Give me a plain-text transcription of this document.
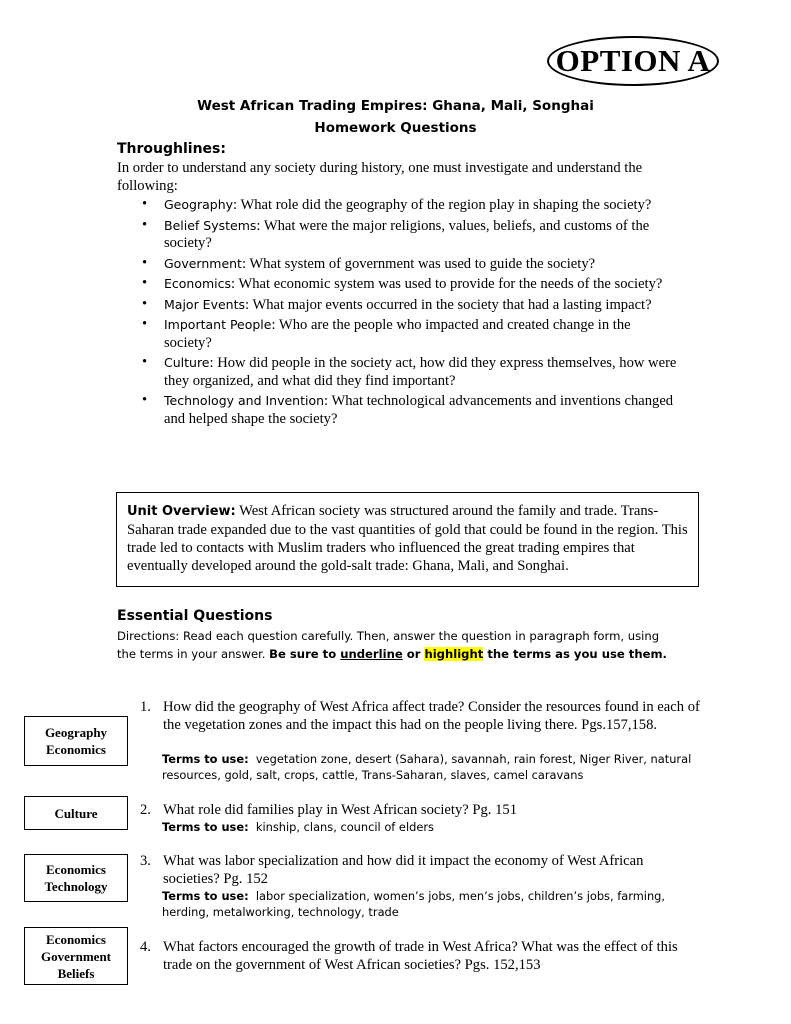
OPTION A
West African Trading Empires: Ghana, Mali, Songhai
Homework Questions
Throughlines:
In order to understand any society during history, one must investigate and understand the following:
• Geography: What role did the geography of the region play in shaping the society?
• Belief Systems: What were the major religions, values, beliefs, and customs of the society?
• Government: What system of government was used to guide the society?
• Economics: What economic system was used to provide for the needs of the society?
• Major Events: What major events occurred in the society that had a lasting impact?
• Important People: Who are the people who impacted and created change in the society?
• Culture: How did people in the society act, how did they express themselves, how were they organized, and what did they find important?
• Technology and Invention: What technological advancements and inventions changed and helped shape the society?
Unit Overview: West African society was structured around the family and trade. Trans-Saharan trade expanded due to the vast quantities of gold that could be found in the region. This trade led to contacts with Muslim traders who influenced the great trading empires that eventually developed around the gold-salt trade: Ghana, Mali, and Songhai.
Essential Questions
Directions: Read each question carefully. Then, answer the question in paragraph form, using the terms in your answer. Be sure to underline or highlight the terms as you use them.
Geography
Economics
1. How did the geography of West Africa affect trade? Consider the resources found in each of the vegetation zones and the impact this had on the people living there. Pgs.157,158.
Terms to use: vegetation zone, desert (Sahara), savannah, rain forest, Niger River, natural resources, gold, salt, crops, cattle, Trans-Saharan, slaves, camel caravans
Culture	2. What role did families play in West African society? Pg. 151
Terms to use: kinship, clans, council of elders
Economics
Technology
3. What was labor specialization and how did it impact the economy of West African societies? Pg. 152
Terms to use: labor specialization, women’s jobs, men’s jobs, children’s jobs, farming, herding, metalworking, technology, trade
Economics
Government
Beliefs
4. What factors encouraged the growth of trade in West Africa? What was the effect of this trade on the government of West African societies? Pgs. 152,153
